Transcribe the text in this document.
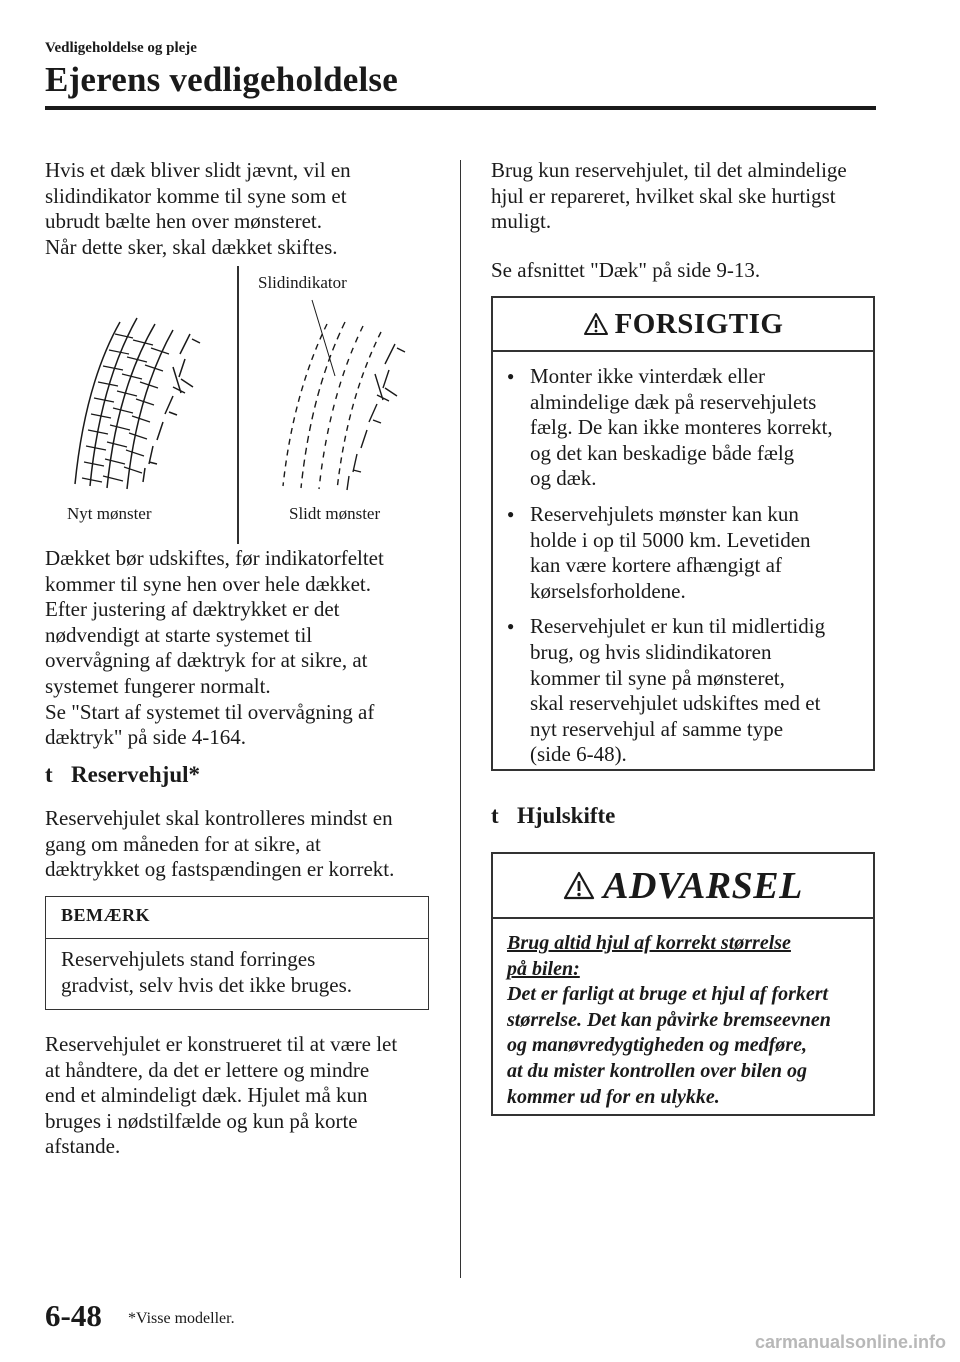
Vedligeholdelse og pleje
Ejerens vedligeholdelse

Hvis et dæk bliver slidt jævnt, vil en

slidindikator komme til syne som et

ubrudt bælte hen over mønsteret.

Når dette sker, skal dækket skiftes.

Slidindikator
Nyt mønster	Slidt mønster

Dækket bør udskiftes, før indikatorfeltet

kommer til syne hen over hele dækket.

Efter justering af dæktrykket er det

nødvendigt at starte systemet til

overvågning af dæktryk for at sikre, at

systemet fungerer normalt.

Se "Start af systemet til overvågning af

dæktryk" på side 4-164.

t Reservehjul*

Reservehjulet skal kontrolleres mindst en

gang om måneden for at sikre, at

dæktrykket og fastspændingen er korrekt.

BEMÆRK
Reservehjulets stand forringes
gradvist, selv hvis det ikke bruges.

Reservehjulet er konstrueret til at være let

at håndtere, da det er lettere og mindre

end et almindeligt dæk. Hjulet må kun

bruges i nødstilfælde og kun på korte

afstande.

Brug kun reservehjulet, til det almindelige

hjul er repareret, hvilket skal ske hurtigst

muligt.

Se afsnittet "Dæk" på side 9-13.
FORSIGTIG
● Monter ikke vinterdæk eller
almindelige dæk på reservehjulets
fælg. De kan ikke monteres korrekt,
og det kan beskadige både fælg
og dæk.
● Reservehjulets mønster kan kun
holde i op til 5000 km. Levetiden
kan være kortere afhængigt af
kørselsforholdene.
● Reservehjulet er kun til midlertidig
brug, og hvis slidindikatoren
kommer til syne på mønsteret,
skal reservehjulet udskiftes med et
nyt reservehjul af samme type
(side 6-48).
t Hjulskifte
ADVARSEL
Brug altid hjul af korrekt størrelse
på bilen:
Det er farligt at bruge et hjul af forkert
størrelse. Det kan påvirke bremseevnen
og manøvredygtigheden og medføre,
at du mister kontrollen over bilen og
kommer ud for en ulykke.
6-48 *Visse modeller.
carmanualsonline.info
